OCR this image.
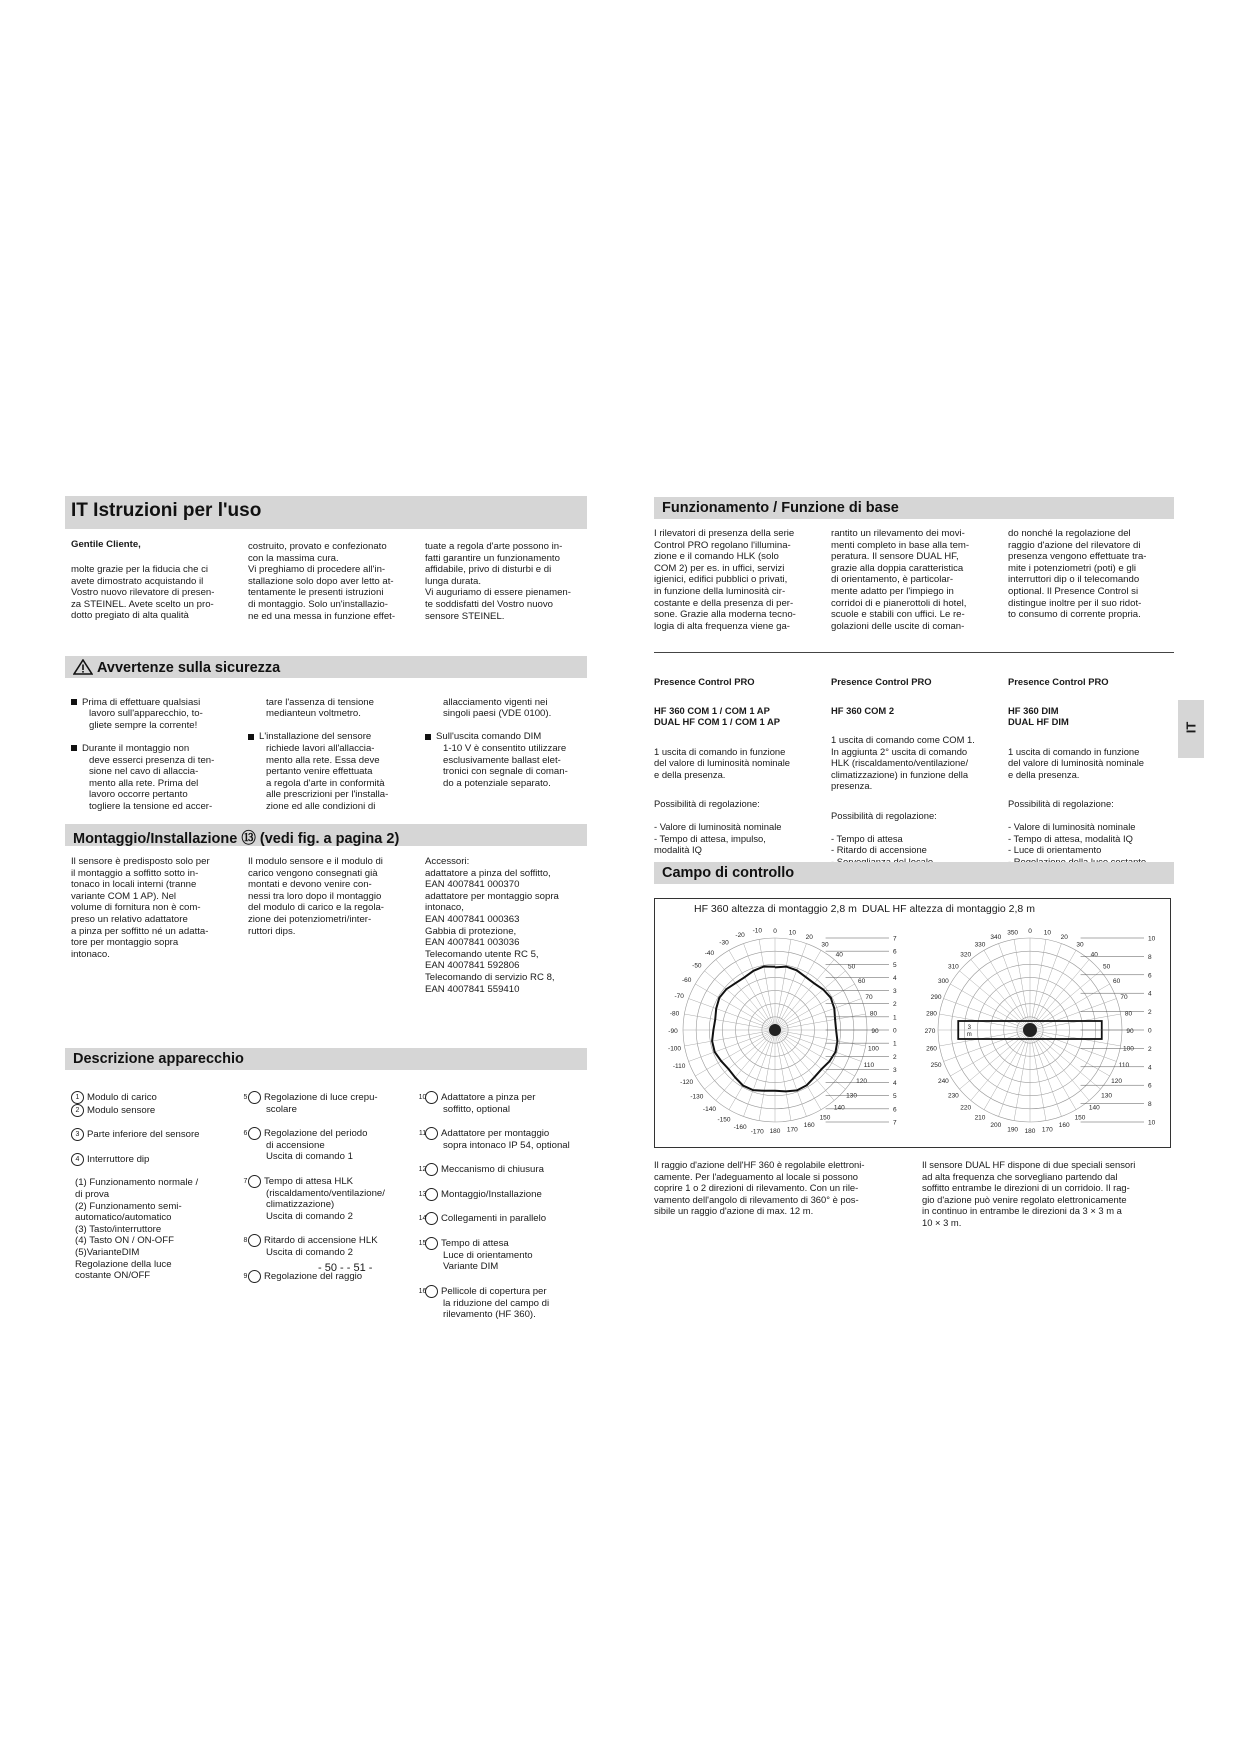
IT Istruzioni per l'uso
Gentile Cliente,
molte grazie per la fiducia che ci
avete dimostrato acquistando il
Vostro nuovo rilevatore di presen-
za STEINEL. Avete scelto un pro-
dotto pregiato di alta qualità
costruito, provato e confezionato
con la massima cura.
Vi preghiamo di procedere all'in-
stallazione solo dopo aver letto at-
tentamente le presenti istruzioni
di montaggio. Solo un'installazio-
ne ed una messa in funzione effet-
tuate a regola d'arte possono in-
fatti garantire un funzionamento
affidabile, privo di disturbi e di
lunga durata.
Vi auguriamo di essere pienamen-
te soddisfatti del Vostro nuovo
sensore STEINEL.
Avvertenze sulla sicurezza

Prima di effettuare qualsiasi
lavoro sull'apparecchio, to-
gliete sempre la corrente!

Durante il montaggio non
deve esserci presenza di ten-
sione nel cavo di allaccia-
mento alla rete. Prima del
lavoro occorre pertanto
togliere la tensione ed accer-

tare l'assenza di tensione
medianteun voltmetro.

L'installazione del sensore
richiede lavori all'allaccia-
mento alla rete. Essa deve
pertanto venire effettuata
a regola d'arte in conformità
alle prescrizioni per l'installa-
zione ed alle condizioni di

allacciamento vigenti nei
singoli paesi (VDE 0100).

Sull'uscita comando DIM
1-10 V è consentito utilizzare
esclusivamente ballast elet-
tronici con segnale di coman-
do a potenziale separato.

Montaggio/Installazione ⑬ (vedi fig. a pagina 2)
Il sensore è predisposto solo per
il montaggio a soffitto sotto in-
tonaco in locali interni (tranne
variante COM 1 AP). Nel
volume di fornitura non è com-
preso un relativo adattatore
a pinza per soffitto né un adatta-
tore per montaggio sopra
intonaco.
Il modulo sensore e il modulo di
carico vengono consegnati già
montati e devono venire con-
nessi tra loro dopo il montaggio
del modulo di carico e la regola-
zione dei potenziometri/inter-
ruttori dips.
Accessori:
adattatore a pinza del soffitto,
EAN 4007841 000370
adattatore per montaggio sopra
intonaco,
EAN 4007841 000363
Gabbia di protezione,
EAN 4007841 003036
Telecomando utente RC 5,
EAN 4007841 592806
Telecomando di servizio RC 8,
EAN 4007841 559410
Descrizione apparecchio

1 Modulo di carico

2 Modulo sensore

3 Parte inferiore del sensore

4 Interruttore dip

(1) Funzionamento normale /
di prova
(2) Funzionamento semi-
automatico/automatico
(3) Tasto/interruttore
(4) Tasto ON / ON-OFF
(5)VarianteDIM
Regolazione della luce
costante ON/OFF

5 Regolazione di luce crepu-
scolare

6 Regolazione del periodo
di accensione
Uscita di comando 1

7 Tempo di attesa HLK
(riscaldamento/ventilazione/
climatizzazione)
Uscita di comando 2

8 Ritardo di accensione HLK
Uscita di comando 2

9 Regolazione del raggio

10 Adattatore a pinza per
soffitto, optional

11 Adattatore per montaggio
sopra intonaco IP 54, optional

12 Meccanismo di chiusura

13 Montaggio/Installazione

14 Collegamenti in parallelo

15 Tempo di attesa
Luce di orientamento
Variante DIM

16 Pellicole di copertura per
la riduzione del campo di
rilevamento (HF 360).

- 50 - - 51 -
Funzionamento / Funzione di base
I rilevatori di presenza della serie
Control PRO regolano l'illumina-
zione e il comando HLK (solo
COM 2) per es. in uffici, servizi
igienici, edifici pubblici o privati,
in funzione della luminosità cir-
costante e della presenza di per-
sone. Grazie alla moderna tecno-
logia di alta frequenza viene ga-
rantito un rilevamento dei movi-
menti completo in base alla tem-
peratura. Il sensore DUAL HF,
grazie alla doppia caratteristica
di orientamento, è particolar-
mente adatto per l'impiego in
corridoi di e pianerottoli di hotel,
scuole e stabili con uffici. Le re-
golazioni delle uscite di coman-
do nonché la regolazione del
raggio d'azione del rilevatore di
presenza vengono effettuate tra-
mite i potenziometri (poti) e gli
interruttori dip o il telecomando
optional. Il Presence Control si
distingue inoltre per il suo ridot-
to consumo di corrente propria.

Presence Control PRO

HF 360 COM 1 / COM 1 AP
DUAL HF COM 1 / COM 1 AP

1 uscita di comando in funzione
del valore di luminosità nominale
e della presenza.

Possibilità di regolazione:

- Valore di luminosità nominale
- Tempo di attesa, impulso,
modalità IQ

Presence Control PRO

HF 360 COM 2

1 uscita di comando come COM 1.
In aggiunta 2° uscita di comando
HLK (riscaldamento/ventilazione/
climatizzazione) in funzione della
presenza.

Possibilità di regolazione:

- Tempo di attesa
- Ritardo di accensione

Presence Control PRO

HF 360 DIM
DUAL HF DIM

1 uscita di comando in funzione
del valore di luminosità nominale
e della presenza.

Possibilità di regolazione:

- Valore di luminosità nominale
- Tempo di attesa, modalità IQ
- Luce di orientamento

IT
Campo di controllo
HF 360 altezza di montaggio 2,8 m DUAL HF altezza di montaggio 2,8 m
0 10
20
30
40
50
60
70
80
90
100
110
120
130
140
150
160
170
180
-10
-20
-30
-40
-50
-60
-70
-80
-90
-100
-110
-120
-130
-140
-150
-160
-170
7
6
5
4
3
2
1
0
1
2
3
4
5
6
7
0 10
20
30
40
50
60
70
80
90
100
110
120
130
140
150
160
170
180
190
200
210
220
230
240
250
260
270
280
290
300
310
320
330
340
350
10
8
6
4
2
0
2
4
6
8
10
3
m
Il raggio d'azione dell'HF 360 è regolabile elettroni-
camente. Per l'adeguamento al locale si possono
coprire 1 o 2 direzioni di rilevamento. Con un rile-
vamento dell'angolo di rilevamento di 360° è pos-
sibile un raggio d'azione di max. 12 m.
Il sensore DUAL HF dispone di due speciali sensori
ad alta frequenza che sorvegliano partendo dal
soffitto entrambe le direzioni di un corridoio. Il rag-
gio d'azione può venire regolato elettronicamente
in continuo in entrambe le direzioni da 3 × 3 m a
10 × 3 m.
